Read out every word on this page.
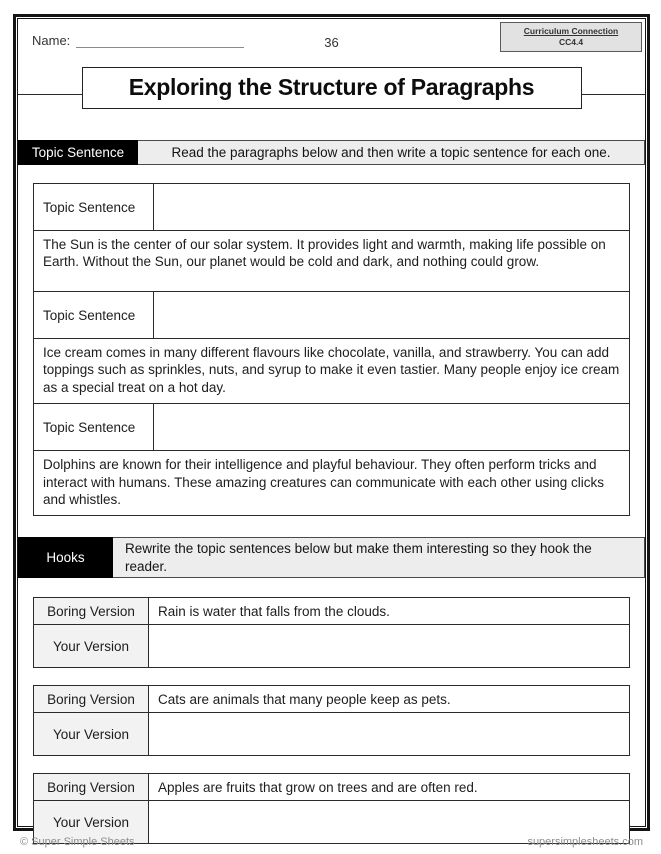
Name:	36
Curriculum Connection
CC4.4
Exploring the Structure of Paragraphs
Topic Sentence	Read the paragraphs below and then write a topic sentence for each one.
Topic Sentence
The Sun is the center of our solar system. It provides light and warmth, making life possible on Earth. Without the Sun, our planet would be cold and dark, and nothing could grow.
Topic Sentence
Ice cream comes in many different flavours like chocolate, vanilla, and strawberry. You can add toppings such as sprinkles, nuts, and syrup to make it even tastier. Many people enjoy ice cream as a special treat on a hot day.
Topic Sentence
Dolphins are known for their intelligence and playful behaviour. They often perform tricks and interact with humans. These amazing creatures can communicate with each other using clicks and whistles.
Hooks
Rewrite the topic sentences below but make them interesting so they hook the reader.
Boring Version	Rain is water that falls from the clouds.
Your Version
Boring Version	Cats are animals that many people keep as pets.
Your Version
Boring Version	Apples are fruits that grow on trees and are often red.
Your Version
© Super Simple Sheets	supersimplesheets.com
